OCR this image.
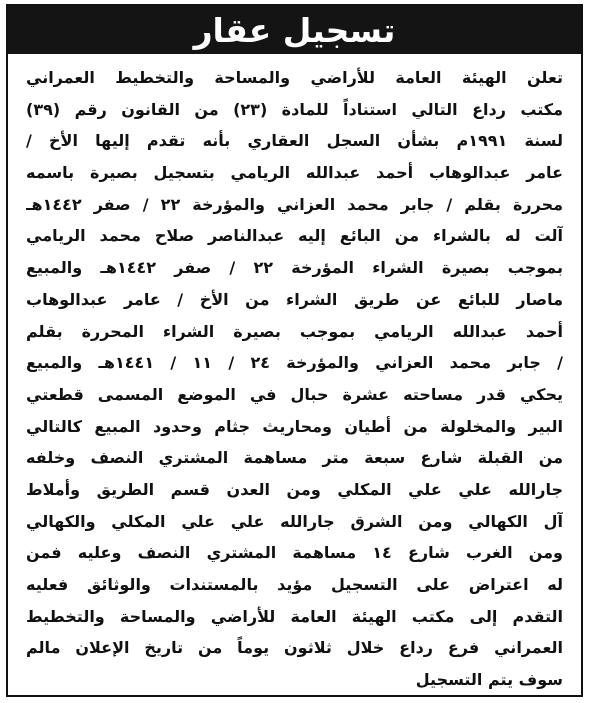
تسجيل عقار
تعلن الهيئة العامة للأراضي والمساحة والتخطيط العمراني
مكتب رداع التالي استناداً للمادة (٢٣) من القانون رقم (٣٩)
لسنة ١٩٩١م بشأن السجل العقاري بأنه تقدم إليها الأخ /
عامر عبدالوهاب أحمد عبدالله الريامي بتسجيل بصيرة باسمه
محررة بقلم / جابر محمد العزاني والمؤرخة ٢٢ / صفر ١٤٤٢هـ
آلت له بالشراء من البائع إليه عبدالناصر صلاح محمد الريامي
بموجب بصيرة الشراء المؤرخة ٢٢ / صفر ١٤٤٢هـ والمبيع
ماصار للبائع عن طريق الشراء من الأخ / عامر عبدالوهاب
أحمد عبدالله الريامي بموجب بصيرة الشراء المحررة بقلم
/ جابر محمد العزاني والمؤرخة ٢٤ / ١١ / ١٤٤١هـ والمبيع
يحكي قدر مساحته عشرة حبال في الموضع المسمى قطعتي
البير والمخلولة من أطيان ومحاريث جثام وحدود المبيع كالتالي
من القبلة شارع سبعة متر مساهمة المشتري النصف وخلفه
جارالله علي علي المكلي ومن العدن قسم الطريق وأملاط
آل الكهالي ومن الشرق جارالله علي علي المكلي والكهالي
ومن الغرب شارع ١٤ مساهمة المشتري النصف وعليه فمن
له اعتراض على التسجيل مؤيد بالمستندات والوثائق فعليه
التقدم إلى مكتب الهيئة العامة للأراضي والمساحة والتخطيط
العمراني فرع رداع خلال ثلاثون يوماً من تاريخ الإعلان مالم
سوف يتم التسجيل
